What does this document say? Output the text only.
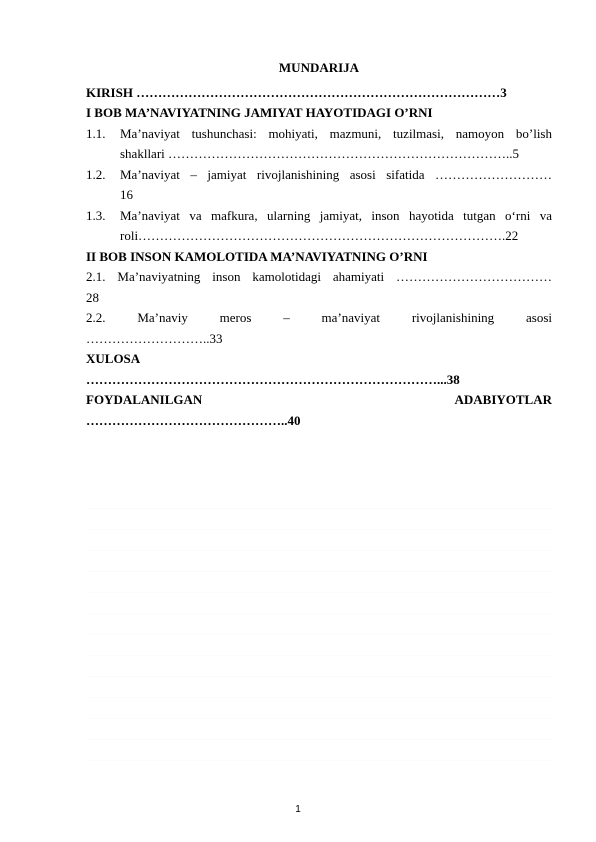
MUNDARIJA
KIRISH …………………………………………………………………………3
I BOB MA’NAVIYATNING JAMIYAT HAYOTIDAGI O’RNI
1.1.	Ma’naviyat tushunchasi: mohiyati, mazmuni, tuzilmasi, namoyon bo’lish
shakllari ……………………………………………………………………..5
1.2.	Ma’naviyat – jamiyat rivojlanishining asosi sifatida ………………………
16
1.3.	Ma’naviyat va mafkura, ularning jamiyat, inson hayotida tutgan o‘rni va
roli………………………………………………………………………….22
II BOB INSON KAMOLOTIDA MA’NAVIYATNING O’RNI
2.1. Ma’naviyatning inson kamolotidagi ahamiyati ………………………………
28
2.2. Ma’naviy meros – ma’naviyat rivojlanishining asosi
………………………..33
XULOSA
………………………………………………………………………...38
FOYDALANILGAN ADABIYOTLAR
………………………………………..40
1
